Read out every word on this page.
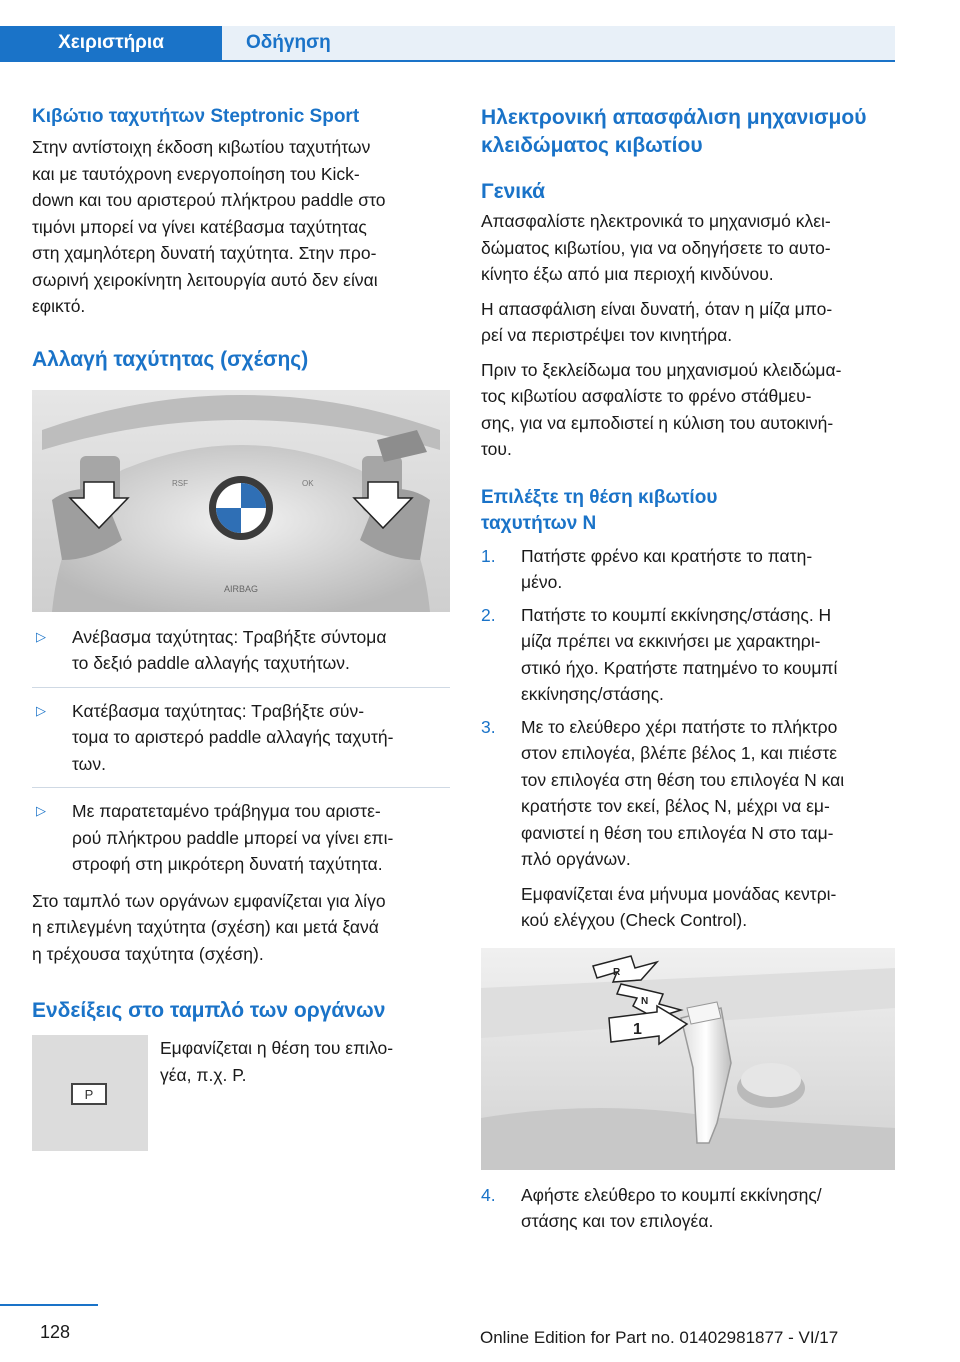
Χειριστήρια	Οδήγηση

Κιβώτιο ταχυτήτων Steptronic Sport

Στην αντίστοιχη έκδοση κιβωτίου ταχυτήτων
και με ταυτόχρονη ενεργοποίηση του Kick-
down και του αριστερού πλήκτρου paddle στο
τιμόνι μπορεί να γίνει κατέβασμα ταχύτητας
στη χαμηλότερη δυνατή ταχύτητα. Στην προ-
σωρινή χειροκίνητη λειτουργία αυτό δεν είναι
εφικτό.

Αλλαγή ταχύτητας (σχέσης)

AIRBAG
RSF	OK
▷ Ανέβασμα ταχύτητας: Τραβήξτε σύντομα
το δεξιό paddle αλλαγής ταχυτήτων.
▷ Κατέβασμα ταχύτητας: Τραβήξτε σύν-
τομα το αριστερό paddle αλλαγής ταχυτή-
των.
▷ Με παρατεταμένο τράβηγμα του αριστε-
ρού πλήκτρου paddle μπορεί να γίνει επι-
στροφή στη μικρότερη δυνατή ταχύτητα.
Στο ταμπλό των οργάνων εμφανίζεται για λίγο
η επιλεγμένη ταχύτητα (σχέση) και μετά ξανά
η τρέχουσα ταχύτητα (σχέση).

Ενδείξεις στο ταμπλό των οργάνων

P
Εμφανίζεται η θέση του επιλο-
γέα, π.χ. P.
Ηλεκτρονική απασφάλιση μηχανισμού
κλειδώματος κιβωτίου

Γενικά

Απασφαλίστε ηλεκτρονικά το μηχανισμό κλει-
δώματος κιβωτίου, για να οδηγήσετε το αυτο-
κίνητο έξω από μια περιοχή κινδύνου.
Η απασφάλιση είναι δυνατή, όταν η μίζα μπο-
ρεί να περιστρέψει τον κινητήρα.
Πριν το ξεκλείδωμα του μηχανισμού κλειδώμα-
τος κιβωτίου ασφαλίστε το φρένο στάθμευ-
σης, για να εμποδιστεί η κύλιση του αυτοκινή-
του.
Επιλέξτε τη θέση κιβωτίου
ταχυτήτων N
1. Πατήστε φρένο και κρατήστε το πατη-
μένο.
2. Πατήστε το κουμπί εκκίνησης/στάσης. Η
μίζα πρέπει να εκκινήσει με χαρακτηρι-
στικό ήχο. Κρατήστε πατημένο το κουμπί
εκκίνησης/στάσης.
3. Με το ελεύθερο χέρι πατήστε το πλήκτρο
στον επιλογέα, βλέπε βέλος 1, και πιέστε
τον επιλογέα στη θέση του επιλογέα N και
κρατήστε τον εκεί, βέλος N, μέχρι να εμ-
φανιστεί η θέση του επιλογέα N στο ταμ-
πλό οργάνων.
Εμφανίζεται ένα μήνυμα μονάδας κεντρι-
κού ελέγχου (Check Control).
R
N
1
4. Αφήστε ελεύθερο το κουμπί εκκίνησης/
στάσης και τον επιλογέα.
128	Online Edition for Part no. 01402981877 - VI/17
